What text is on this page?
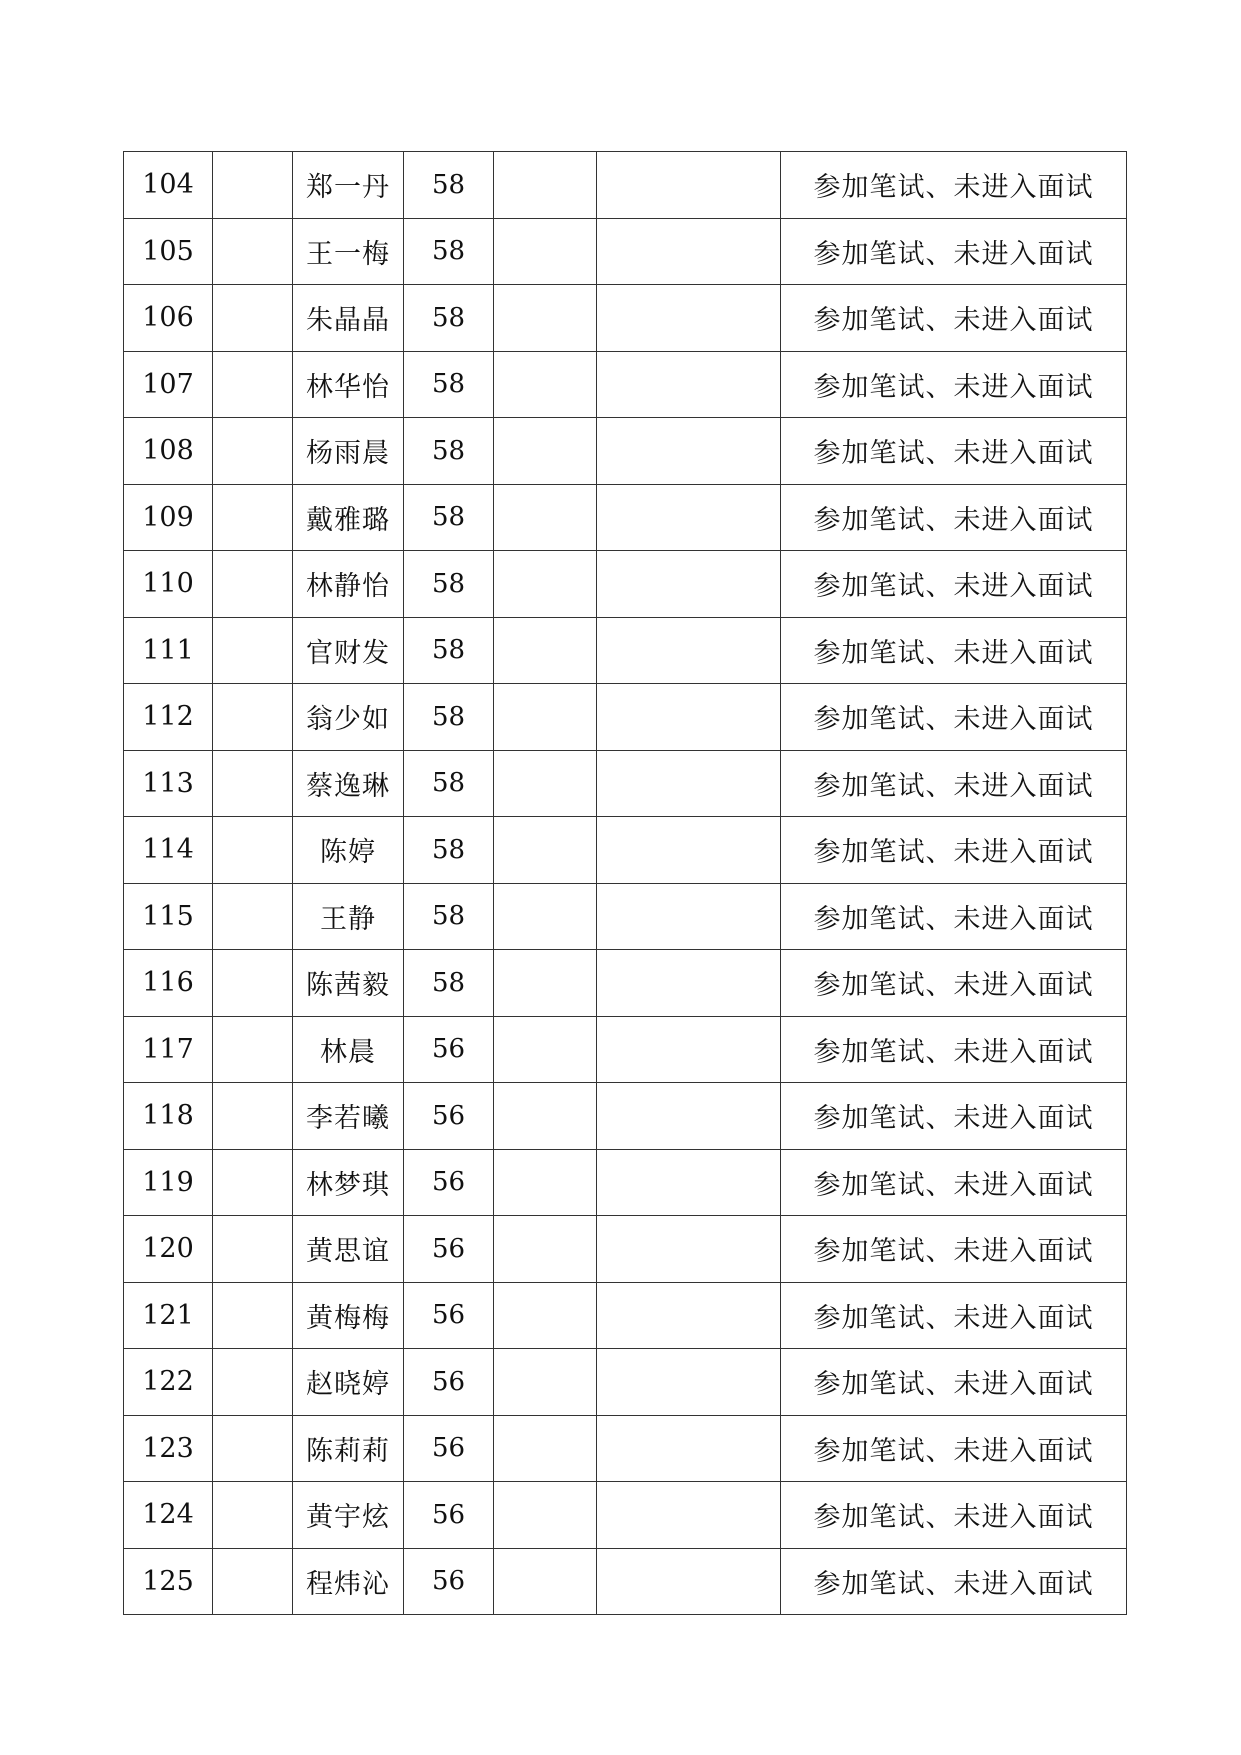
104		郑一丹	58			参加笔试、未进入面试
105		王一梅	58			参加笔试、未进入面试
106		朱晶晶	58			参加笔试、未进入面试
107		林华怡	58			参加笔试、未进入面试
108		杨雨晨	58			参加笔试、未进入面试
109		戴雅璐	58			参加笔试、未进入面试
110		林静怡	58			参加笔试、未进入面试
111		官财发	58			参加笔试、未进入面试
112		翁少如	58			参加笔试、未进入面试
113		蔡逸琳	58			参加笔试、未进入面试
114		陈婷	58			参加笔试、未进入面试
115		王静	58			参加笔试、未进入面试
116		陈茜毅	58			参加笔试、未进入面试
117		林晨	56			参加笔试、未进入面试
118		李若曦	56			参加笔试、未进入面试
119		林梦琪	56			参加笔试、未进入面试
120		黄思谊	56			参加笔试、未进入面试
121		黄梅梅	56			参加笔试、未进入面试
122		赵晓婷	56			参加笔试、未进入面试
123		陈莉莉	56			参加笔试、未进入面试
124		黄宇炫	56			参加笔试、未进入面试
125		程炜沁	56			参加笔试、未进入面试
